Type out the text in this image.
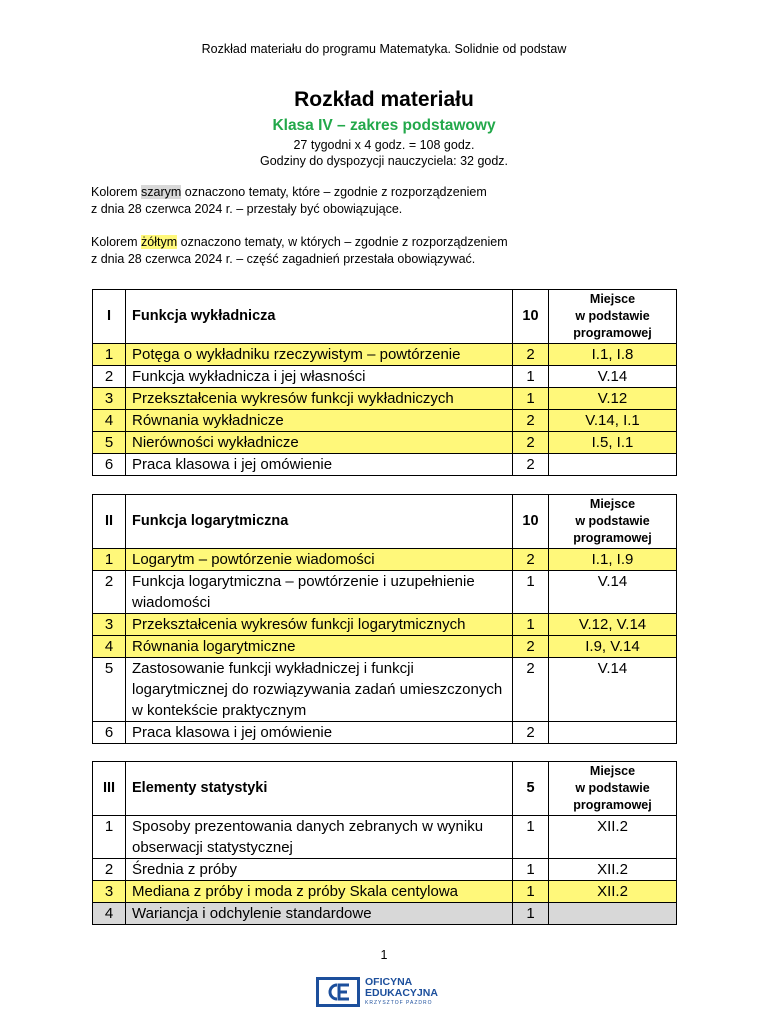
Rozkład materiału do programu Matematyka. Solidnie od podstaw
Rozkład materiału
Klasa IV – zakres podstawowy
27 tygodni x 4 godz. = 108 godz.
Godziny do dyspozycji nauczyciela: 32 godz.
Kolorem szarym oznaczono tematy, które – zgodnie z rozporządzeniem
z dnia 28 czerwca 2024 r. – przestały być obowiązujące.
Kolorem żółtym oznaczono tematy, w których – zgodnie z rozporządzeniem
z dnia 28 czerwca 2024 r. – część zagadnień przestała obowiązywać.
I	Funkcja wykładnicza	10	Miejsce
w podstawie
programowej

1	Potęga o wykładniku rzeczywistym – powtórzenie	2	I.1, I.8
2	Funkcja wykładnicza i jej własności	1	V.14
3	Przekształcenia wykresów funkcji wykładniczych	1	V.12
4	Równania wykładnicze	2	V.14, I.1
5	Nierówności wykładnicze	2	I.5, I.1
6	Praca klasowa i jej omówienie	2	
II	Funkcja logarytmiczna	10	Miejsce
w podstawie
programowej

1	Logarytm – powtórzenie wiadomości	2	I.1, I.9
2	Funkcja logarytmiczna – powtórzenie i uzupełnienie wiadomości	1	V.14
3	Przekształcenia wykresów funkcji logarytmicznych	1	V.12, V.14
4	Równania logarytmiczne	2	I.9, V.14
5	Zastosowanie funkcji wykładniczej i funkcji logarytmicznej do rozwiązywania zadań umieszczonych w kontekście praktycznym	2	V.14
6	Praca klasowa i jej omówienie	2	
III	Elementy statystyki	5	Miejsce
w podstawie
programowej

1	Sposoby prezentowania danych zebranych w wyniku obserwacji statystycznej	1	XII.2
2	Średnia z próby	1	XII.2
3	Mediana z próby i moda z próby Skala centylowa	1	XII.2
4	Wariancja i odchylenie standardowe	1	
1
OFICYNA
EDUKACYJNA
KRZYSZTOF PAZDRO
